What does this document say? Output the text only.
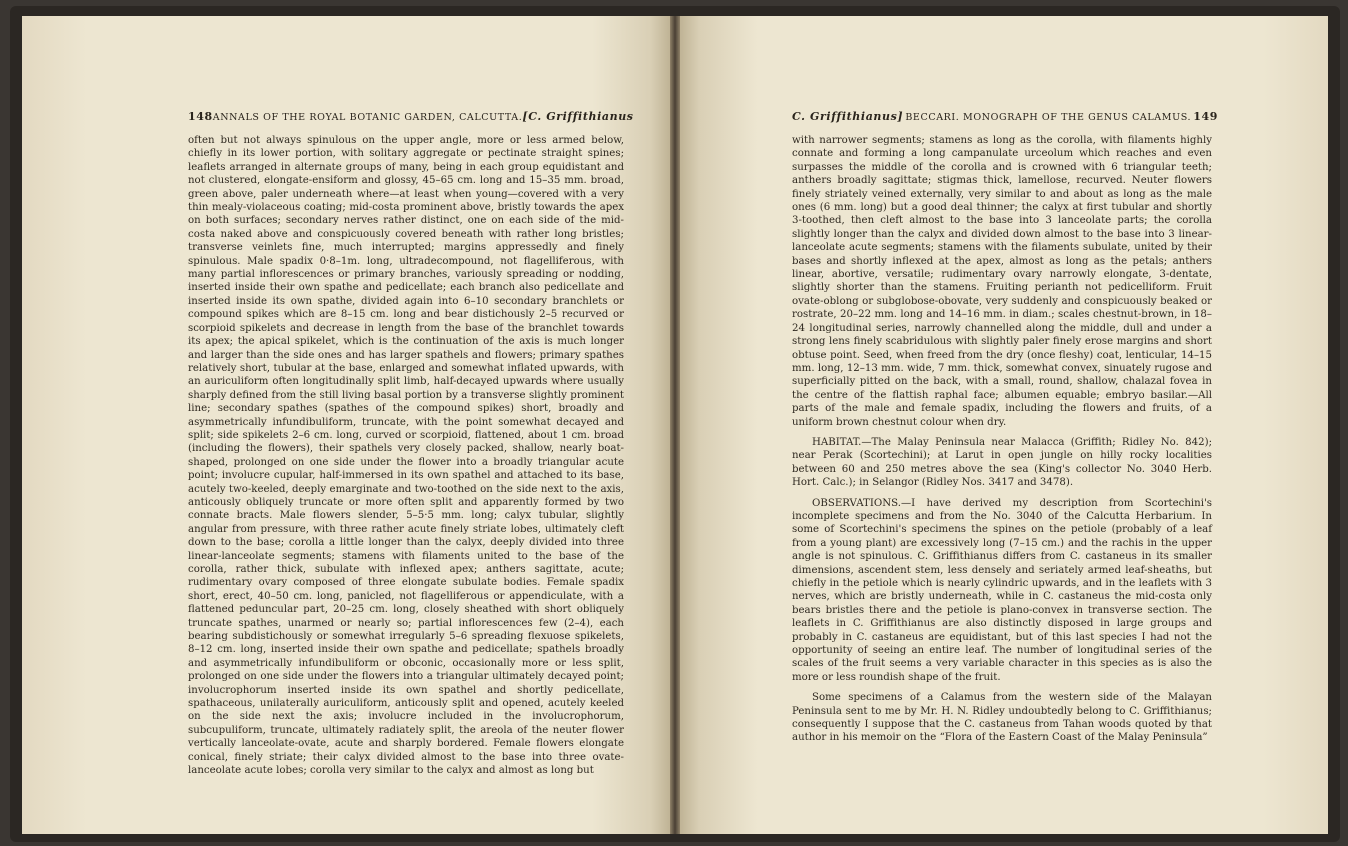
148 ANNALS OF THE ROYAL BOTANIC GARDEN, CALCUTTA. [C. Griffithianus

often but not always spinulous on the upper angle, more or less armed below, chiefly in its lower portion, with solitary aggregate or pectinate straight spines; leaflets arranged in alternate groups of many, being in each group equidistant and not clustered, elongate-ensiform and glossy, 45–65 cm. long and 15–35 mm. broad, green above, paler underneath where—at least when young—covered with a very thin mealy-violaceous coating; mid-costa prominent above, bristly towards the apex on both surfaces; secondary nerves rather distinct, one on each side of the mid-costa naked above and conspicuously covered beneath with rather long bristles; transverse veinlets fine, much interrupted; margins appressedly and finely spinulous. Male spadix 0·8–1m. long, ultradecompound, not flagelliferous, with many partial inflorescences or primary branches, variously spreading or nodding, inserted inside their own spathe and pedicellate; each branch also pedicellate and inserted inside its own spathe, divided again into 6–10 secondary branchlets or compound spikes which are 8–15 cm. long and bear distichously 2–5 recurved or scorpioid spikelets and decrease in length from the base of the branchlet towards its apex; the apical spikelet, which is the continuation of the axis is much longer and larger than the side ones and has larger spathels and flowers; primary spathes relatively short, tubular at the base, enlarged and somewhat inflated upwards, with an auriculiform often longitudinally split limb, half-decayed upwards where usually sharply defined from the still living basal portion by a transverse slightly prominent line; secondary spathes (spathes of the compound spikes) short, broadly and asymmetrically infundibuliform, truncate, with the point somewhat decayed and split; side spikelets 2–6 cm. long, curved or scorpioid, flattened, about 1 cm. broad (including the flowers), their spathels very closely packed, shallow, nearly boat-shaped, prolonged on one side under the flower into a broadly triangular acute point; involucre cupular, half-immersed in its own spathel and attached to its base, acutely two-keeled, deeply emarginate and two-toothed on the side next to the axis, anticously obliquely truncate or more often split and apparently formed by two connate bracts. Male flowers slender, 5–5·5 mm. long; calyx tubular, slightly angular from pressure, with three rather acute finely striate lobes, ultimately cleft down to the base; corolla a little longer than the calyx, deeply divided into three linear-lanceolate segments; stamens with filaments united to the base of the corolla, rather thick, subulate with inflexed apex; anthers sagittate, acute; rudimentary ovary composed of three elongate subulate bodies. Female spadix short, erect, 40–50 cm. long, panicled, not flagelliferous or appendiculate, with a flattened peduncular part, 20–25 cm. long, closely sheathed with short obliquely truncate spathes, unarmed or nearly so; partial inflorescences few (2–4), each bearing subdistichously or somewhat irregularly 5–6 spreading flexuose spikelets, 8–12 cm. long, inserted inside their own spathe and pedicellate; spathels broadly and asymmetrically infundibuliform or obconic, occasionally more or less split, prolonged on one side under the flowers into a triangular ultimately decayed point; involucrophorum inserted inside its own spathel and shortly pedicellate, spathaceous, unilaterally auriculiform, anticously split and opened, acutely keeled on the side next the axis; involucre included in the involucrophorum, subcupuliform, truncate, ultimately radiately split, the areola of the neuter flower vertically lanceolate-ovate, acute and sharply bordered. Female flowers elongate conical, finely striate; their calyx divided almost to the base into three ovate-lanceolate acute lobes; corolla very similar to the calyx and almost as long but

C. Griffithianus] BECCARI. MONOGRAPH OF THE GENUS CALAMUS. 149

with narrower segments; stamens as long as the corolla, with filaments highly connate and forming a long campanulate urceolum which reaches and even surpasses the middle of the corolla and is crowned with 6 triangular teeth; anthers broadly sagittate; stigmas thick, lamellose, recurved. Neuter flowers finely striately veined externally, very similar to and about as long as the male ones (6 mm. long) but a good deal thinner; the calyx at first tubular and shortly 3-toothed, then cleft almost to the base into 3 lanceolate parts; the corolla slightly longer than the calyx and divided down almost to the base into 3 linear-lanceolate acute segments; stamens with the filaments subulate, united by their bases and shortly inflexed at the apex, almost as long as the petals; anthers linear, abortive, versatile; rudimentary ovary narrowly elongate, 3-dentate, slightly shorter than the stamens. Fruiting perianth not pedicelliform. Fruit ovate-oblong or subglobose-obovate, very suddenly and conspicuously beaked or rostrate, 20–22 mm. long and 14–16 mm. in diam.; scales chestnut-brown, in 18–24 longitudinal series, narrowly channelled along the middle, dull and under a strong lens finely scabridulous with slightly paler finely erose margins and short obtuse point. Seed, when freed from the dry (once fleshy) coat, lenticular, 14–15 mm. long, 12–13 mm. wide, 7 mm. thick, somewhat convex, sinuately rugose and superficially pitted on the back, with a small, round, shallow, chalazal fovea in the centre of the flattish raphal face; albumen equable; embryo basilar.—All parts of the male and female spadix, including the flowers and fruits, of a uniform brown chestnut colour when dry.

HABITAT.—The Malay Peninsula near Malacca (Griffith; Ridley No. 842); near Perak (Scortechini); at Larut in open jungle on hilly rocky localities between 60 and 250 metres above the sea (King's collector No. 3040 Herb. Hort. Calc.); in Selangor (Ridley Nos. 3417 and 3478).

OBSERVATIONS.—I have derived my description from Scortechini's incomplete specimens and from the No. 3040 of the Calcutta Herbarium. In some of Scortechini's specimens the spines on the petiole (probably of a leaf from a young plant) are excessively long (7–15 cm.) and the rachis in the upper angle is not spinulous. C. Griffithianus differs from C. castaneus in its smaller dimensions, ascendent stem, less densely and seriately armed leaf-sheaths, but chiefly in the petiole which is nearly cylindric upwards, and in the leaflets with 3 nerves, which are bristly underneath, while in C. castaneus the mid-costa only bears bristles there and the petiole is plano-convex in transverse section. The leaflets in C. Griffithianus are also distinctly disposed in large groups and probably in C. castaneus are equidistant, but of this last species I had not the opportunity of seeing an entire leaf. The number of longitudinal series of the scales of the fruit seems a very variable character in this species as is also the more or less roundish shape of the fruit.

Some specimens of a Calamus from the western side of the Malayan Peninsula sent to me by Mr. H. N. Ridley undoubtedly belong to C. Griffithianus; consequently I suppose that the C. castaneus from Tahan woods quoted by that author in his memoir on the “Flora of the Eastern Coast of the Malay Peninsula”
